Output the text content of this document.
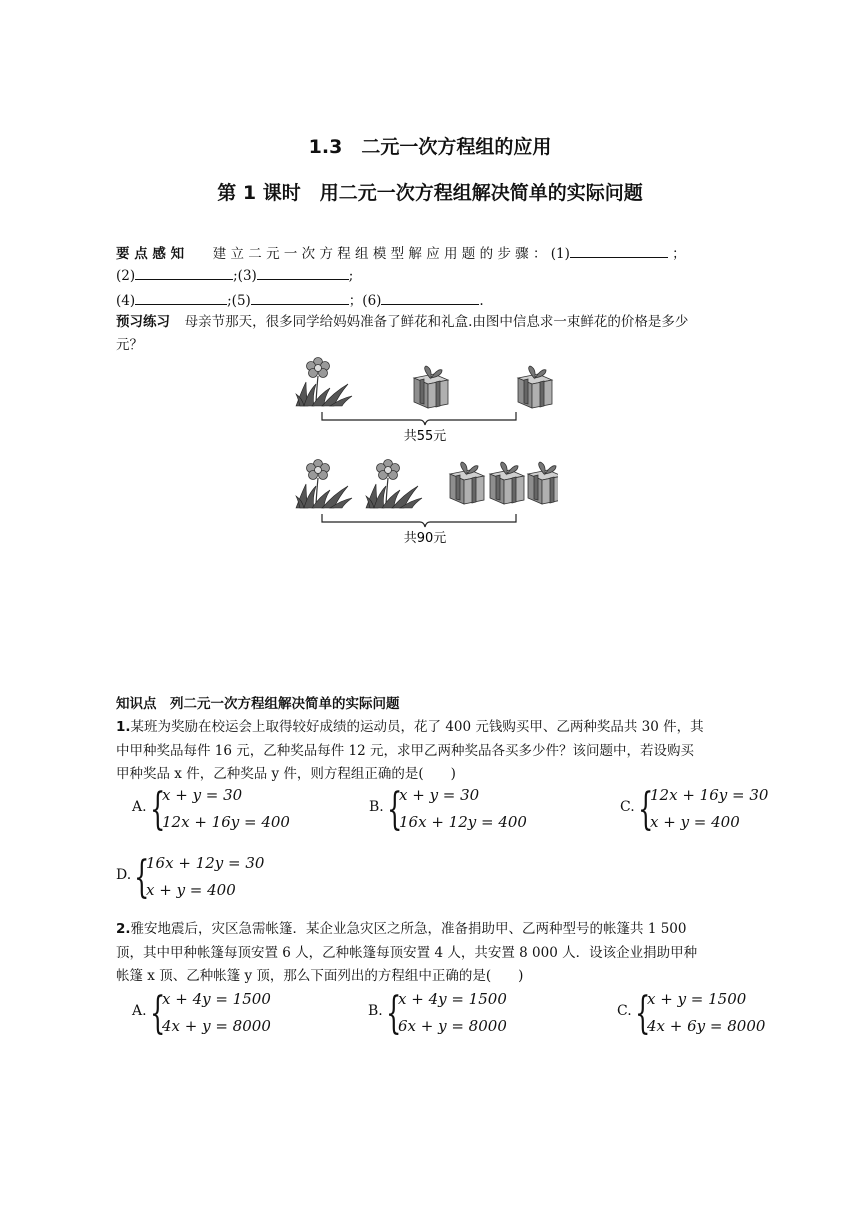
1.3　二元一次方程组的应用
第 1 课时　用二元一次方程组解决简单的实际问题
要 点 感 知 建 立 二 元 一 次 方 程 组 模 型 解 应 用 题 的 步 骤 ： (1)	；
(2)	;(3)	;
(4)	;(5)	；(6)	.
预习练习 母亲节那天，很多同学给妈妈准备了鲜花和礼盒.由图中信息求一束鲜花的价格是多少
元？
共55元
共90元
知识点　列二元一次方程组解决简单的实际问题
1.某班为奖励在校运会上取得较好成绩的运动员，花了 400 元钱购买甲、乙两种奖品共 30 件，其
中甲种奖品每件 16 元，乙种奖品每件 12 元，求甲乙两种奖品各买多少件？该问题中，若设购买
甲种奖品 x 件，乙种奖品 y 件，则方程组正确的是(　　)
A. {
x + y = 30
12x + 16y = 400
B. {
x + y = 30
16x + 12y = 400
C. {
12x + 16y = 30
x + y = 400
D. {
16x + 12y = 30
x + y = 400
2.雅安地震后，灾区急需帐篷．某企业急灾区之所急，准备捐助甲、乙两种型号的帐篷共 1 500
顶，其中甲种帐篷每顶安置 6 人，乙种帐篷每顶安置 4 人，共安置 8 000 人．设该企业捐助甲种
帐篷 x 顶、乙种帐篷 y 顶，那么下面列出的方程组中正确的是(　　)
A. {
x + 4y = 1500
4x + y = 8000
B. {
x + 4y = 1500
6x + y = 8000
C. {
x + y = 1500
4x + 6y = 8000
